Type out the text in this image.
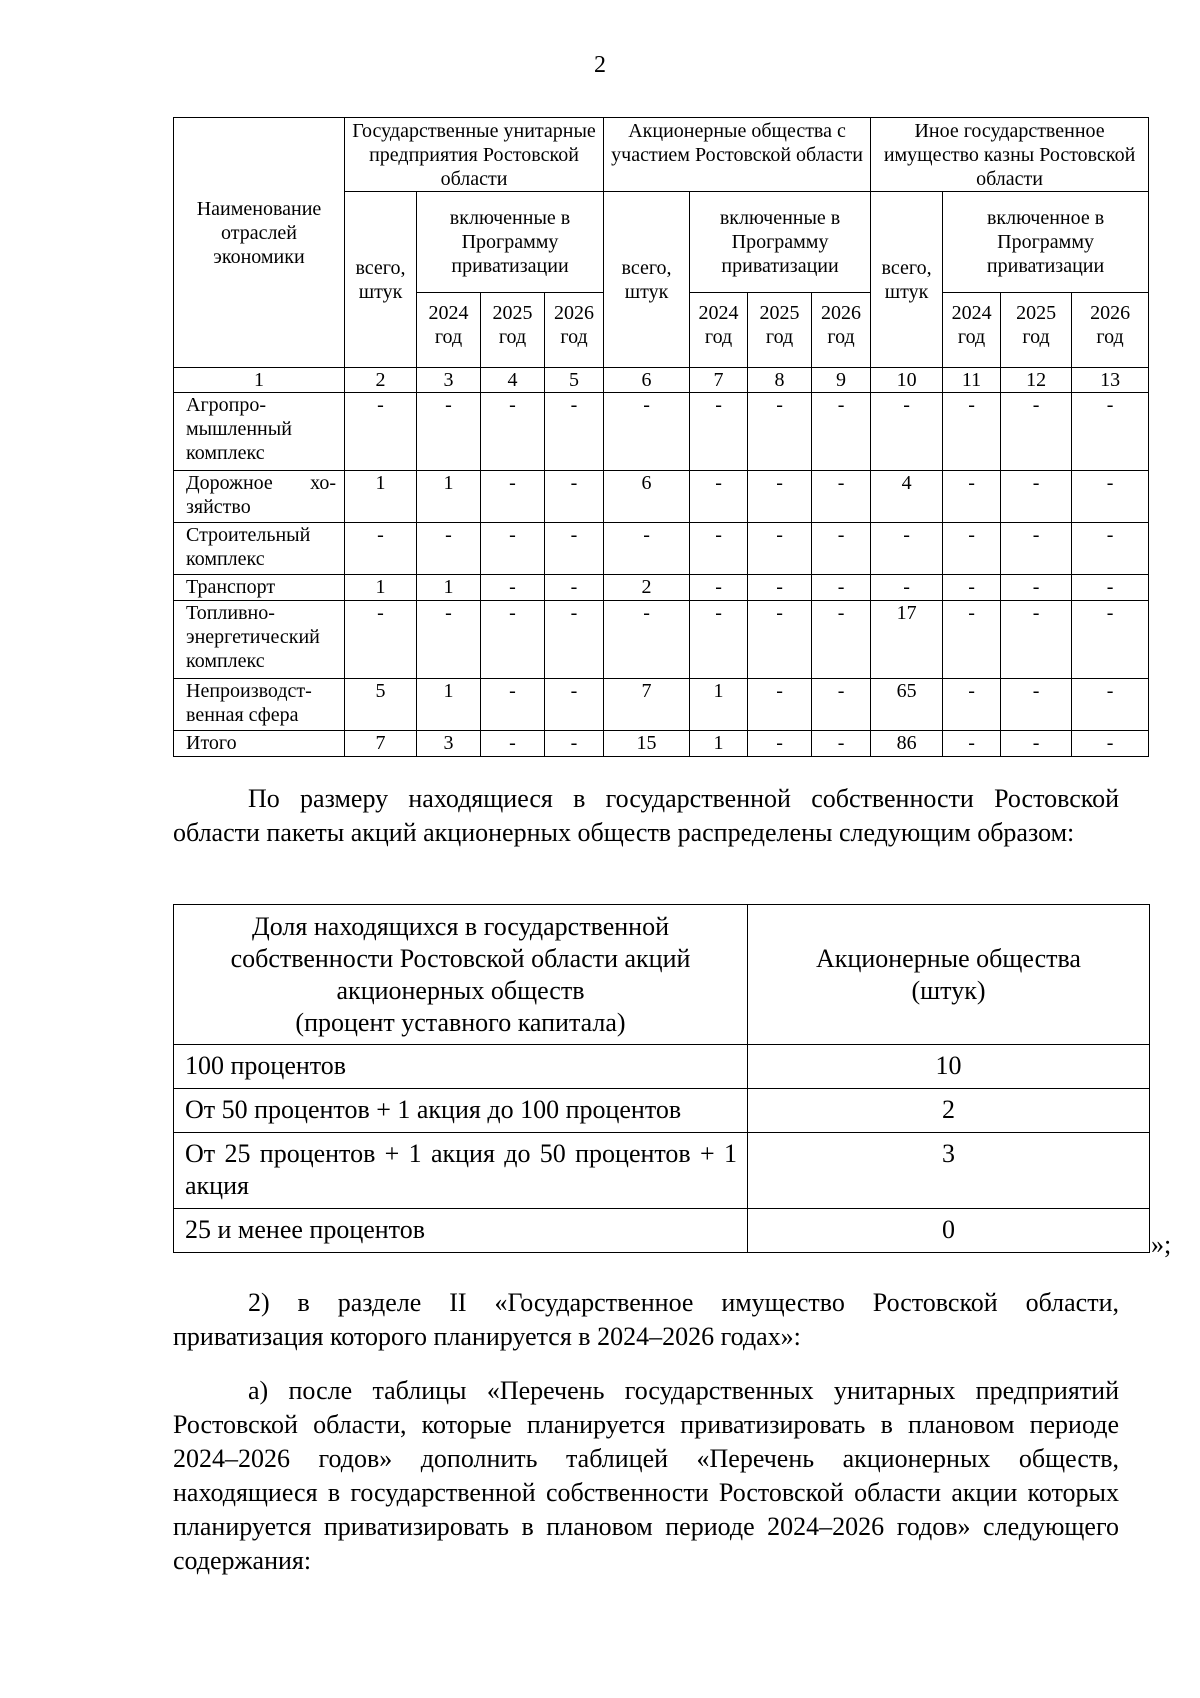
2
Наименование отраслей экономики	Государственные унитарные предприятия Ростовской области				Акционерные общества с участием Ростовской области				Иное государственное имущество казны Ростовской области			
	всего, штук	включенные в Программу приватизации			всего, штук	включенные в Программу приватизации			всего, штук	включенное в Программу приватизации		
		2024 год	2025 год	2026 год		2024 год	2025 год	2026 год		2024 год	2025 год	2026 год
1	2	3	4	5	6	7	8	9	10	11	12	13
Агропро-мышленный комплекс	-	-	-	-	-	-	-	-	-	-	-	-
Дорожное хо-зяйство	1	1	-	-	6	-	-	-	4	-	-	-
Строительный комплекс	-	-	-	-	-	-	-	-	-	-	-	-
Транспорт	1	1	-	-	2	-	-	-	-	-	-	-
Топливно-энергетический комплекс	-	-	-	-	-	-	-	-	17	-	-	-
Непроизводст-венная сфера	5	1	-	-	7	1	-	-	65	-	-	-
Итого	7	3	-	-	15	1	-	-	86	-	-	-

По размеру находящиеся в государственной собственности Ростовской области пакеты акций акционерных обществ распределены следующим образом:

Доля находящихся в государственной собственности Ростовской области акций акционерных обществ
(процент уставного капитала)	Акционерные общества
(штук)
100 процентов	10
От 50 процентов + 1 акция до 100 процентов	2
От 25 процентов + 1 акция до 50 процентов + 1 акция	3
25 и менее процентов	0
»;

2) в разделе II «Государственное имущество Ростовской области, приватизация которого планируется в 2024–2026 годах»:

а) после таблицы «Перечень государственных унитарных предприятий Ростовской области, которые планируется приватизировать в плановом периоде 2024–2026 годов» дополнить таблицей «Перечень акционерных обществ, находящиеся в государственной собственности Ростовской области акции которых планируется приватизировать в плановом периоде 2024–2026 годов» следующего содержания:
